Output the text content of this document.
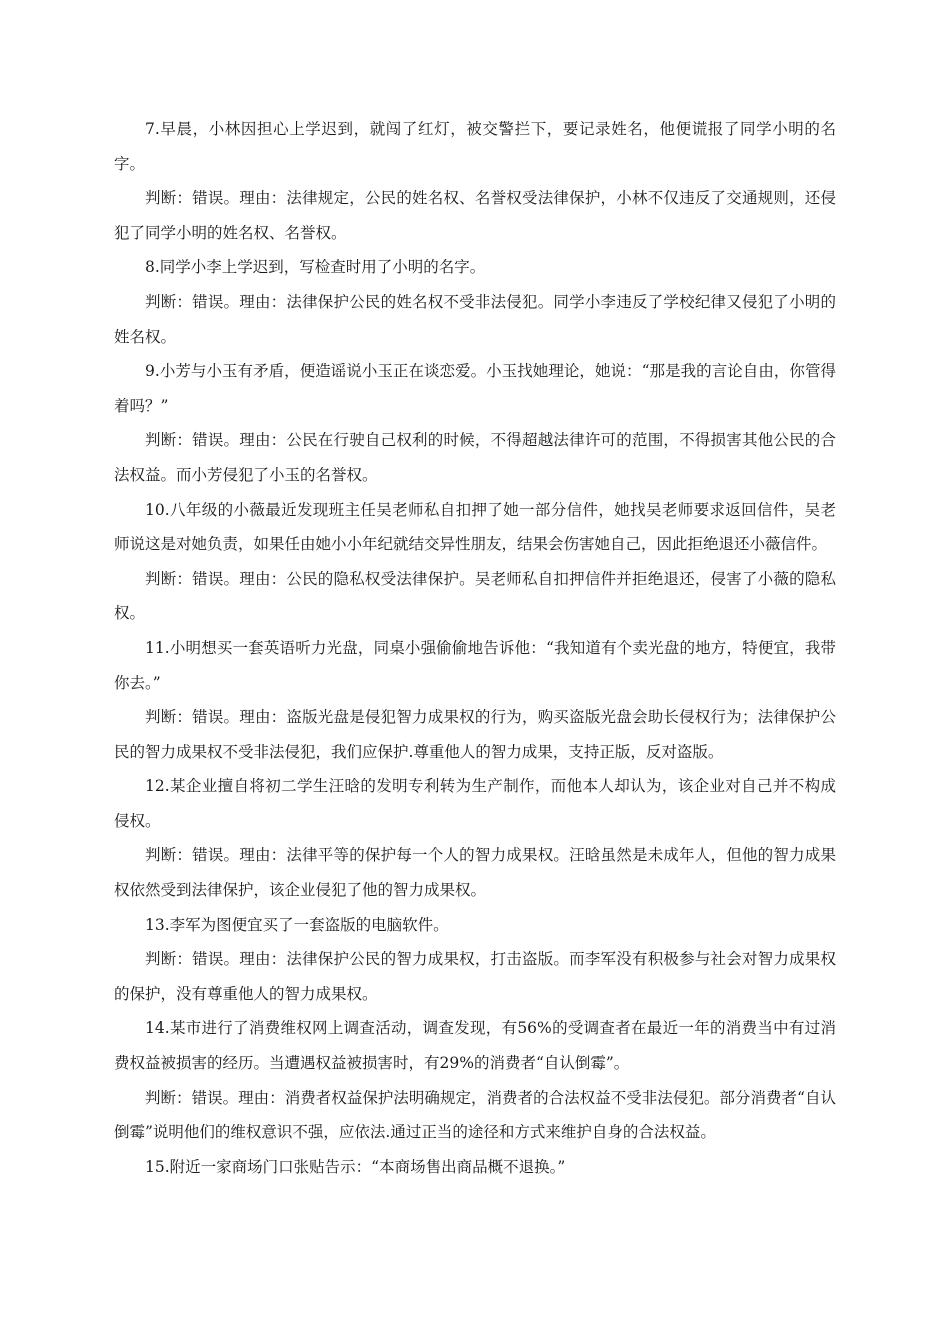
7.早晨，小林因担心上学迟到，就闯了红灯，被交警拦下，要记录姓名，他便谎报了同学小明的名字。

判断：错误。理由：法律规定，公民的姓名权、名誉权受法律保护，小林不仅违反了交通规则，还侵犯了同学小明的姓名权、名誉权。

8.同学小李上学迟到，写检查时用了小明的名字。

判断：错误。理由：法律保护公民的姓名权不受非法侵犯。同学小李违反了学校纪律又侵犯了小明的姓名权。

9.小芳与小玉有矛盾，便造谣说小玉正在谈恋爱。小玉找她理论，她说：“那是我的言论自由，你管得着吗？”

判断：错误。理由：公民在行驶自己权利的时候，不得超越法律许可的范围，不得损害其他公民的合法权益。而小芳侵犯了小玉的名誉权。

10.八年级的小薇最近发现班主任吴老师私自扣押了她一部分信件，她找吴老师要求返回信件，吴老师说这是对她负责，如果任由她小小年纪就结交异性朋友，结果会伤害她自己，因此拒绝退还小薇信件。

判断：错误。理由：公民的隐私权受法律保护。吴老师私自扣押信件并拒绝退还，侵害了小薇的隐私权。

11.小明想买一套英语听力光盘，同桌小强偷偷地告诉他：“我知道有个卖光盘的地方，特便宜，我带你去。”

判断：错误。理由：盗版光盘是侵犯智力成果权的行为，购买盗版光盘会助长侵权行为；法律保护公民的智力成果权不受非法侵犯，我们应保护.尊重他人的智力成果，支持正版，反对盗版。

12.某企业擅自将初二学生汪晗的发明专利转为生产制作，而他本人却认为，该企业对自己并不构成侵权。

判断：错误。理由：法律平等的保护每一个人的智力成果权。汪晗虽然是未成年人，但他的智力成果权依然受到法律保护，该企业侵犯了他的智力成果权。

13.李军为图便宜买了一套盗版的电脑软件。

判断：错误。理由：法律保护公民的智力成果权，打击盗版。而李军没有积极参与社会对智力成果权的保护，没有尊重他人的智力成果权。

14.某市进行了消费维权网上调查活动，调查发现，有56%的受调查者在最近一年的消费当中有过消费权益被损害的经历。当遭遇权益被损害时，有29%的消费者“自认倒霉”。

判断：错误。理由：消费者权益保护法明确规定，消费者的合法权益不受非法侵犯。部分消费者“自认倒霉”说明他们的维权意识不强，应依法.通过正当的途径和方式来维护自身的合法权益。

15.附近一家商场门口张贴告示：“本商场售出商品概不退换。”
